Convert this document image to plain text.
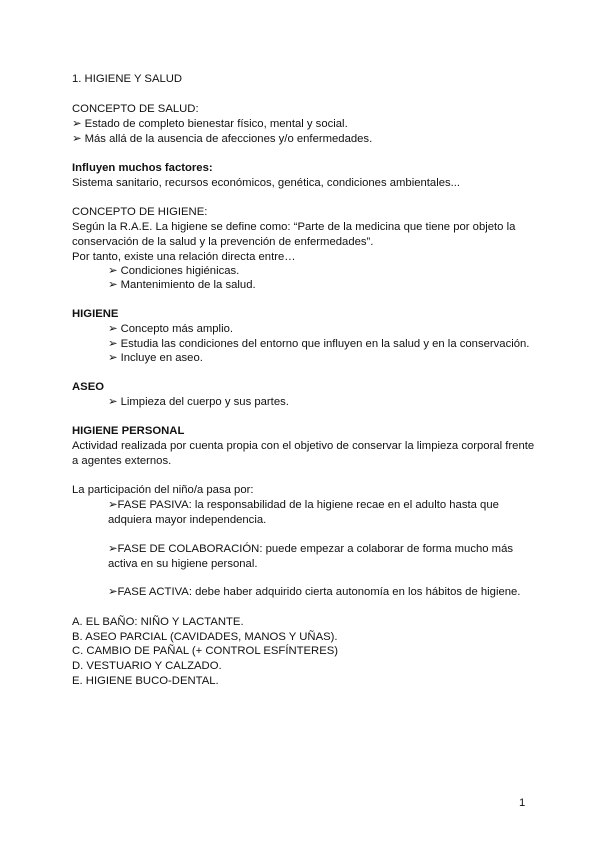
1. HIGIENE Y SALUD
CONCEPTO DE SALUD:
➢ Estado de completo bienestar físico, mental y social.
➢ Más allá de la ausencia de afecciones y/o enfermedades.
Influyen muchos factores:
Sistema sanitario, recursos económicos, genética, condiciones ambientales...
CONCEPTO DE HIGIENE:
Según la R.A.E. La higiene se define como: “Parte de la medicina que tiene por objeto la
conservación de la salud y la prevención de enfermedades”.
Por tanto, existe una relación directa entre…
➢ Condiciones higiénicas.
➢ Mantenimiento de la salud.
HIGIENE
➢ Concepto más amplio.
➢ Estudia las condiciones del entorno que influyen en la salud y en la conservación.
➢ Incluye en aseo.
ASEO
➢ Limpieza del cuerpo y sus partes.
HIGIENE PERSONAL
Actividad realizada por cuenta propia con el objetivo de conservar la limpieza corporal frente
a agentes externos.
La participación del niño/a pasa por:
➢FASE PASIVA: la responsabilidad de la higiene recae en el adulto hasta que
adquiera mayor independencia.
➢FASE DE COLABORACIÓN: puede empezar a colaborar de forma mucho más
activa en su higiene personal.
➢FASE ACTIVA: debe haber adquirido cierta autonomía en los hábitos de higiene.
A. EL BAÑO: NIÑO Y LACTANTE.
B. ASEO PARCIAL (CAVIDADES, MANOS Y UÑAS).
C. CAMBIO DE PAÑAL (+ CONTROL ESFÍNTERES)
D. VESTUARIO Y CALZADO.
E. HIGIENE BUCO-DENTAL.
1
